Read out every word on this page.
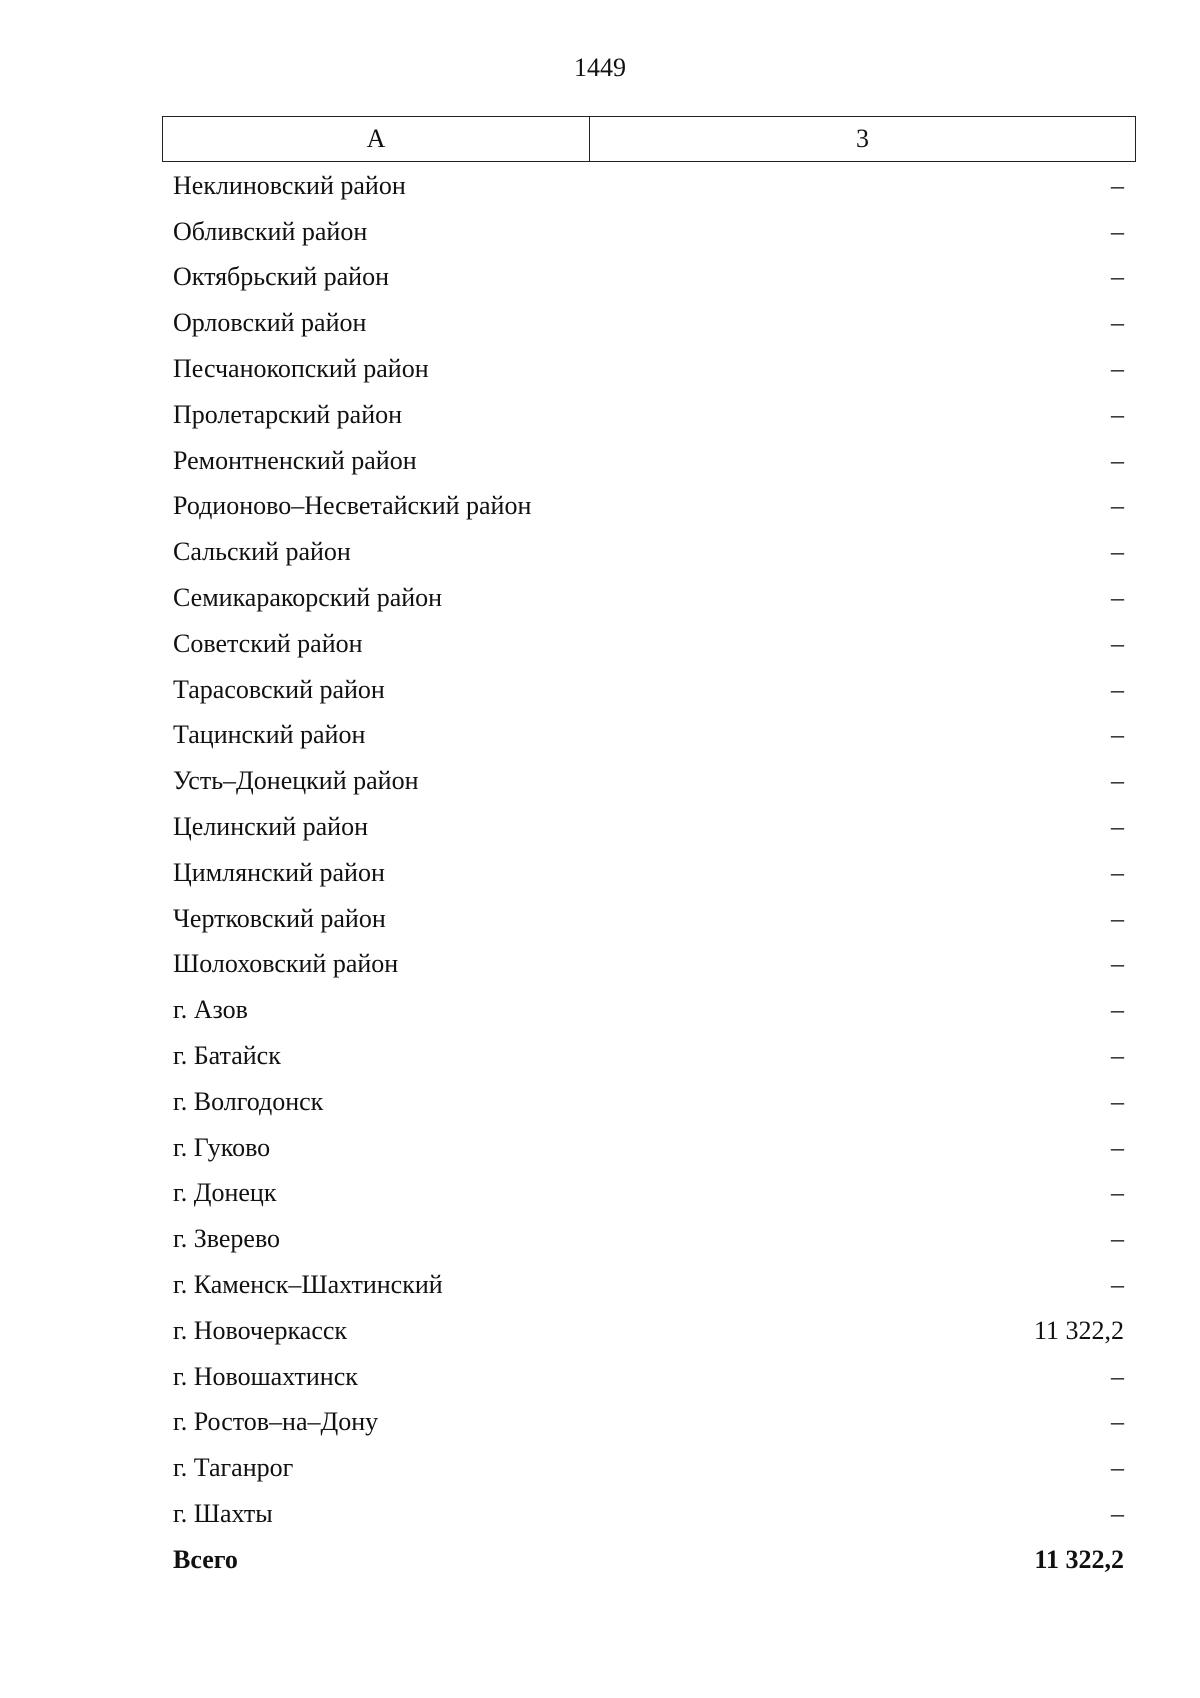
1449
А	3
Неклиновский район	–
Обливский район	–
Октябрьский район	–
Орловский район	–
Песчанокопский район	–
Пролетарский район	–
Ремонтненский район	–
Родионово–Несветайский район	–
Сальский район	–
Семикаракорский район	–
Советский район	–
Тарасовский район	–
Тацинский район	–
Усть–Донецкий район	–
Целинский район	–
Цимлянский район	–
Чертковский район	–
Шолоховский район	–
г. Азов	–
г. Батайск	–
г. Волгодонск	–
г. Гуково	–
г. Донецк	–
г. Зверево	–
г. Каменск–Шахтинский	–
г. Новочеркасск	11 322,2
г. Новошахтинск	–
г. Ростов–на–Дону	–
г. Таганрог	–
г. Шахты	–
Всего	11 322,2
